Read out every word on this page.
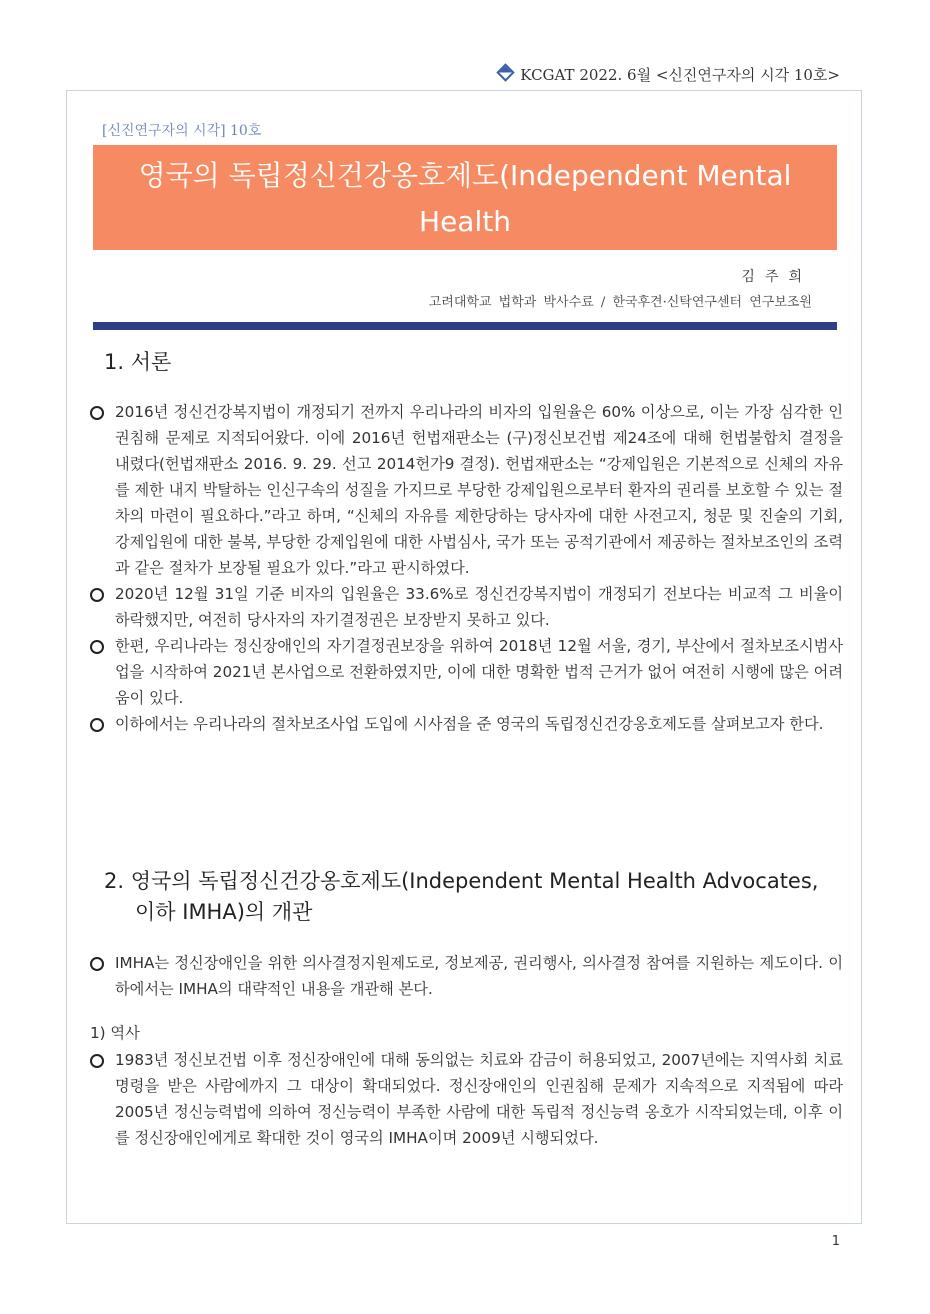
KCGAT 2022. 6월 <신진연구자의 시각 10호>
[신진연구자의 시각] 10호
영국의 독립정신건강옹호제도(Independent Mental Health
Advocates, IMHA)	김주희
고려대학교 법학과 박사수료 / 한국후견·신탁연구센터 연구보조원
1. 서론

2016년 정신건강복지법이 개정되기 전까지 우리나라의 비자의 입원율은 60% 이상으로, 이는 가장 심각한 인권침해 문제로 지적되어왔다. 이에 2016년 헌법재판소는 (구)정신보건법 제24조에 대해 헌법불합치 결정을 내렸다(헌법재판소 2016. 9. 29. 선고 2014헌가9 결정). 헌법재판소는 “강제입원은 기본적으로 신체의 자유를 제한 내지 박탈하는 인신구속의 성질을 가지므로 부당한 강제입원으로부터 환자의 권리를 보호할 수 있는 절차의 마련이 필요하다.”라고 하며, “신체의 자유를 제한당하는 당사자에 대한 사전고지, 청문 및 진술의 기회, 강제입원에 대한 불복, 부당한 강제입원에 대한 사법심사, 국가 또는 공적기관에서 제공하는 절차보조인의 조력과 같은 절차가 보장될 필요가 있다.”라고 판시하였다.

2020년 12월 31일 기준 비자의 입원율은 33.6%로 정신건강복지법이 개정되기 전보다는 비교적 그 비율이 하락했지만, 여전히 당사자의 자기결정권은 보장받지 못하고 있다.

한편, 우리나라는 정신장애인의 자기결정권보장을 위하여 2018년 12월 서울, 경기, 부산에서 절차보조시범사업을 시작하여 2021년 본사업으로 전환하였지만, 이에 대한 명확한 법적 근거가 없어 여전히 시행에 많은 어려움이 있다.

이하에서는 우리나라의 절차보조사업 도입에 시사점을 준 영국의 독립정신건강옹호제도를 살펴보고자 한다.

2. 영국의 독립정신건강옹호제도(Independent Mental Health Advocates,
이하 IMHA)의 개관

IMHA는 정신장애인을 위한 의사결정지원제도로, 정보제공, 권리행사, 의사결정 참여를 지원하는 제도이다. 이하에서는 IMHA의 대략적인 내용을 개관해 본다.

1) 역사

1983년 정신보건법 이후 정신장애인에 대해 동의없는 치료와 감금이 허용되었고, 2007년에는 지역사회 치료명령을 받은 사람에까지 그 대상이 확대되었다. 정신장애인의 인권침해 문제가 지속적으로 지적됨에 따라 2005년 정신능력법에 의하여 정신능력이 부족한 사람에 대한 독립적 정신능력 옹호가 시작되었는데, 이후 이를 정신장애인에게로 확대한 것이 영국의 IMHA이며 2009년 시행되었다.

1
